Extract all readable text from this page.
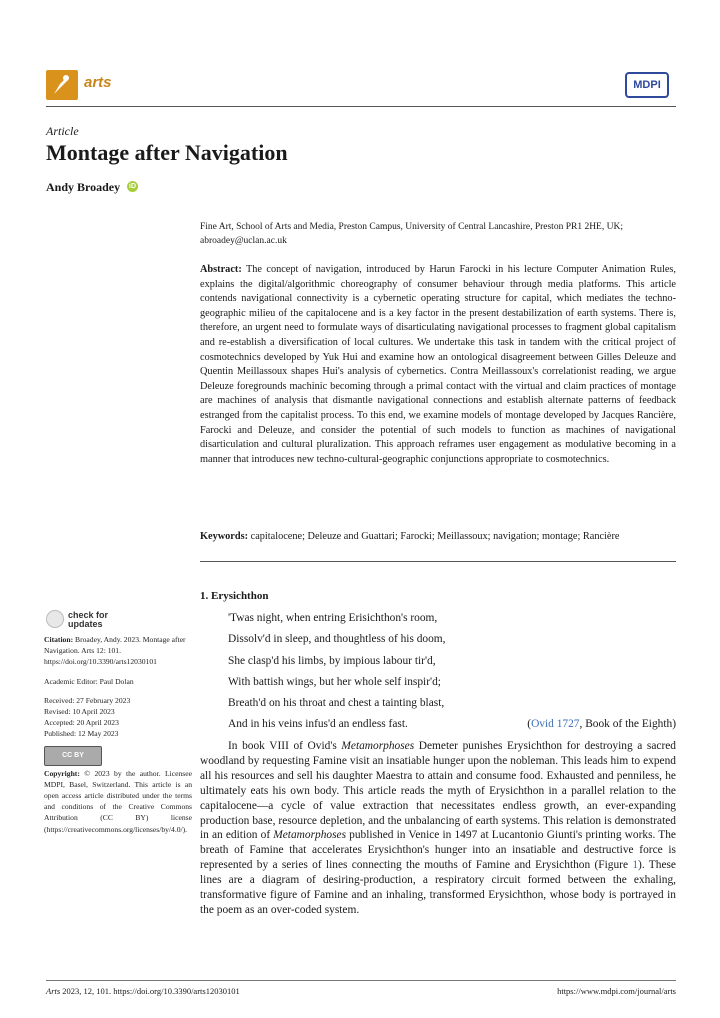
arts	MDPI
Article
Montage after Navigation
Andy Broadey iD
Fine Art, School of Arts and Media, Preston Campus, University of Central Lancashire, Preston PR1 2HE, UK; abroadey@uclan.ac.uk
Abstract: The concept of navigation, introduced by Harun Farocki in his lecture Computer Animation Rules, explains the digital/algorithmic choreography of consumer behaviour through media platforms. This article contends navigational connectivity is a cybernetic operating structure for capital, which mediates the techno-geographic milieu of the capitalocene and is a key factor in the present destabilization of earth systems. There is, therefore, an urgent need to formulate ways of disarticulating navigational processes to fragment global capitalism and re-establish a diversification of local cultures. We undertake this task in tandem with the critical project of cosmotechnics developed by Yuk Hui and examine how an ontological disagreement between Gilles Deleuze and Quentin Meillassoux shapes Hui's analysis of cybernetics. Contra Meillassoux's correlationist reading, we argue Deleuze foregrounds machinic becoming through a primal contact with the virtual and claim practices of montage are machines of analysis that dismantle navigational connections and establish alternate patterns of feedback estranged from the capitalist process. To this end, we examine models of montage developed by Jacques Rancière, Farocki and Deleuze, and consider the potential of such models to function as machines of navigational disarticulation and cultural pluralization. This approach reframes user engagement as modulative becoming in a manner that introduces new techno-cultural-geographic conjunctions appropriate to cosmotechnics.
Keywords: capitalocene; Deleuze and Guattari; Farocki; Meillassoux; navigation; montage; Rancière
check for updates

Citation: Broadey, Andy. 2023. Montage after Navigation. Arts 12: 101. https://doi.org/10.3390/arts12030101

Academic Editor: Paul Dolan

Received: 27 February 2023

Revised: 10 April 2023

Accepted: 20 April 2023

Published: 12 May 2023

CC BY

Copyright: © 2023 by the author. Licensee MDPI, Basel, Switzerland. This article is an open access article distributed under the terms and conditions of the Creative Commons Attribution (CC BY) license (https://creativecommons.org/licenses/by/4.0/).

1. Erysichthon
'Twas night, when entring Erisichthon's room,
Dissolv'd in sleep, and thoughtless of his doom,
She clasp'd his limbs, by impious labour tir'd,
With battish wings, but her whole self inspir'd;
Breath'd on his throat and chest a tainting blast,
And in his veins infus'd an endless fast.	(Ovid 1727, Book of the Eighth)
In book VIII of Ovid's Metamorphoses Demeter punishes Erysichthon for destroying a sacred woodland by requesting Famine visit an insatiable hunger upon the nobleman. This leads him to expend all his resources and sell his daughter Maestra to attain and consume food. Exhausted and penniless, he ultimately eats his own body. This article reads the myth of Erysichthon in a parallel relation to the capitalocene—a cycle of value extraction that necessitates endless growth, an ever-expanding production base, resource depletion, and the unbalancing of earth systems. This relation is demonstrated in an edition of Metamorphoses published in Venice in 1497 at Lucantonio Giunti's printing works. The breath of Famine that accelerates Erysichthon's hunger into an insatiable and destructive force is represented by a series of lines connecting the mouths of Famine and Erysichthon (Figure 1). These lines are a diagram of desiring-production, a respiratory circuit formed between the exhaling, transformative figure of Famine and an inhaling, transformed Erysichthon, whose body is portrayed in the poem as an over-coded system.
Arts 2023, 12, 101. https://doi.org/10.3390/arts12030101	https://www.mdpi.com/journal/arts
